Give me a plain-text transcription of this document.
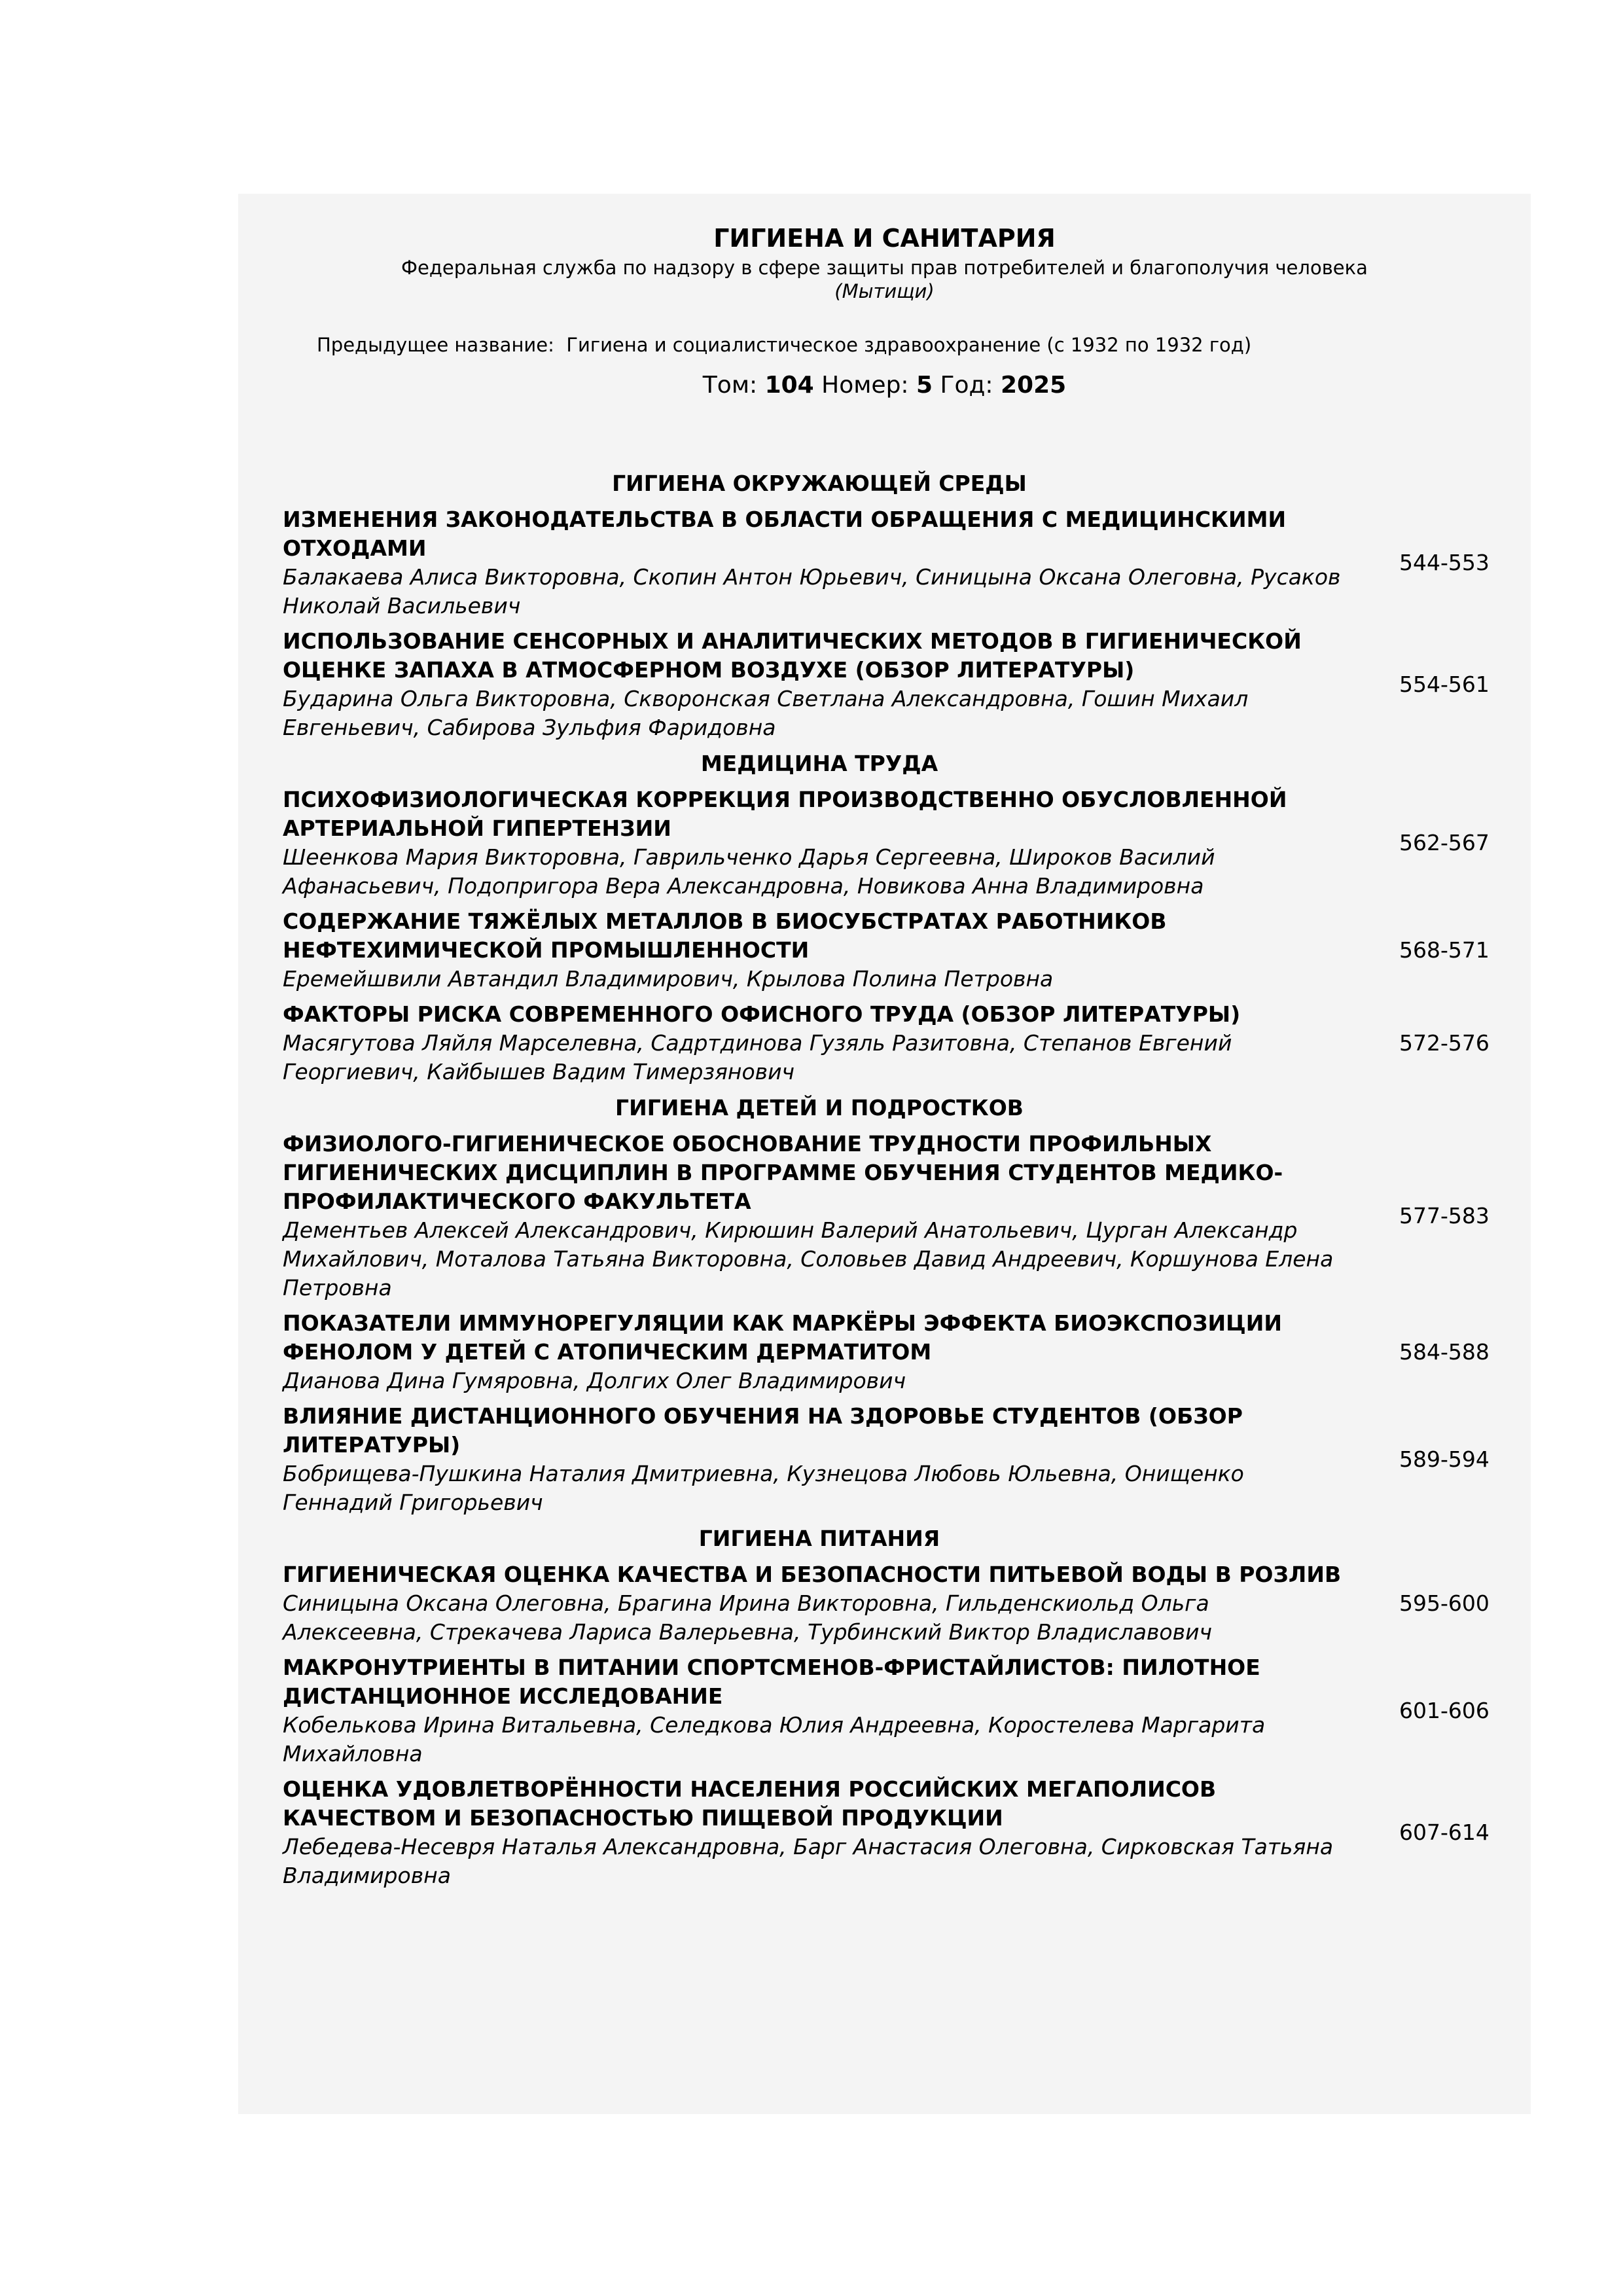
ГИГИЕНА И САНИТАРИЯ
Федеральная служба по надзору в сфере защиты прав потребителей и благополучия человека
(Мытищи)
Предыдущее название: Гигиена и социалистическое здравоохранение (с 1932 по 1932 год)
Том: 104 Номер: 5 Год: 2025
ГИГИЕНА ОКРУЖАЮЩЕЙ СРЕДЫ
ИЗМЕНЕНИЯ ЗАКОНОДАТЕЛЬСТВА В ОБЛАСТИ ОБРАЩЕНИЯ С МЕДИЦИНСКИМИ ОТХОДАМИ
Балакаева Алиса Викторовна, Скопин Антон Юрьевич, Синицына Оксана Олеговна, Русаков Николай Васильевич
544-553
ИСПОЛЬЗОВАНИЕ СЕНСОРНЫХ И АНАЛИТИЧЕСКИХ МЕТОДОВ В ГИГИЕНИЧЕСКОЙ ОЦЕНКЕ ЗАПАХА В АТМОСФЕРНОМ ВОЗДУХЕ (ОБЗОР ЛИТЕРАТУРЫ)
Бударина Ольга Викторовна, Скворонская Светлана Александровна, Гошин Михаил Евгеньевич, Сабирова Зульфия Фаридовна
554-561
МЕДИЦИНА ТРУДА
ПСИХОФИЗИОЛОГИЧЕСКАЯ КОРРЕКЦИЯ ПРОИЗВОДСТВЕННО ОБУСЛОВЛЕННОЙ АРТЕРИАЛЬНОЙ ГИПЕРТЕНЗИИ
Шеенкова Мария Викторовна, Гаврильченко Дарья Сергеевна, Широков Василий Афанасьевич, Подопригора Вера Александровна, Новикова Анна Владимировна
562-567
СОДЕРЖАНИЕ ТЯЖЁЛЫХ МЕТАЛЛОВ В БИОСУБСТРАТАХ РАБОТНИКОВ НЕФТЕХИМИЧЕСКОЙ ПРОМЫШЛЕННОСТИ
Еремейшвили Автандил Владимирович, Крылова Полина Петровна
568-571
ФАКТОРЫ РИСКА СОВРЕМЕННОГО ОФИСНОГО ТРУДА (ОБЗОР ЛИТЕРАТУРЫ)
Масягутова Ляйля Марселевна, Садртдинова Гузяль Разитовна, Степанов Евгений Георгиевич, Кайбышев Вадим Тимерзянович
572-576
ГИГИЕНА ДЕТЕЙ И ПОДРОСТКОВ
ФИЗИОЛОГО-ГИГИЕНИЧЕСКОЕ ОБОСНОВАНИЕ ТРУДНОСТИ ПРОФИЛЬНЫХ ГИГИЕНИЧЕСКИХ ДИСЦИПЛИН В ПРОГРАММЕ ОБУЧЕНИЯ СТУДЕНТОВ МЕДИКО-ПРОФИЛАКТИЧЕСКОГО ФАКУЛЬТЕТА
Дементьев Алексей Александрович, Кирюшин Валерий Анатольевич, Цурган Александр Михайлович, Моталова Татьяна Викторовна, Соловьев Давид Андреевич, Коршунова Елена Петровна
577-583
ПОКАЗАТЕЛИ ИММУНОРЕГУЛЯЦИИ КАК МАРКЁРЫ ЭФФЕКТА БИОЭКСПОЗИЦИИ ФЕНОЛОМ У ДЕТЕЙ С АТОПИЧЕСКИМ ДЕРМАТИТОМ
Дианова Дина Гумяровна, Долгих Олег Владимирович
584-588
ВЛИЯНИЕ ДИСТАНЦИОННОГО ОБУЧЕНИЯ НА ЗДОРОВЬЕ СТУДЕНТОВ (ОБЗОР ЛИТЕРАТУРЫ)
Бобрищева-Пушкина Наталия Дмитриевна, Кузнецова Любовь Юльевна, Онищенко Геннадий Григорьевич
589-594
ГИГИЕНА ПИТАНИЯ
ГИГИЕНИЧЕСКАЯ ОЦЕНКА КАЧЕСТВА И БЕЗОПАСНОСТИ ПИТЬЕВОЙ ВОДЫ В РОЗЛИВ
Синицына Оксана Олеговна, Брагина Ирина Викторовна, Гильденскиольд Ольга Алексеевна, Стрекачева Лариса Валерьевна, Турбинский Виктор Владиславович
595-600
МАКРОНУТРИЕНТЫ В ПИТАНИИ СПОРТСМЕНОВ-ФРИСТАЙЛИСТОВ: ПИЛОТНОЕ ДИСТАНЦИОННОЕ ИССЛЕДОВАНИЕ
Кобелькова Ирина Витальевна, Селедкова Юлия Андреевна, Коростелева Маргарита Михайловна
601-606
ОЦЕНКА УДОВЛЕТВОРЁННОСТИ НАСЕЛЕНИЯ РОССИЙСКИХ МЕГАПОЛИСОВ КАЧЕСТВОМ И БЕЗОПАСНОСТЬЮ ПИЩЕВОЙ ПРОДУКЦИИ
Лебедева-Несевря Наталья Александровна, Барг Анастасия Олеговна, Сирковская Татьяна Владимировна
607-614
